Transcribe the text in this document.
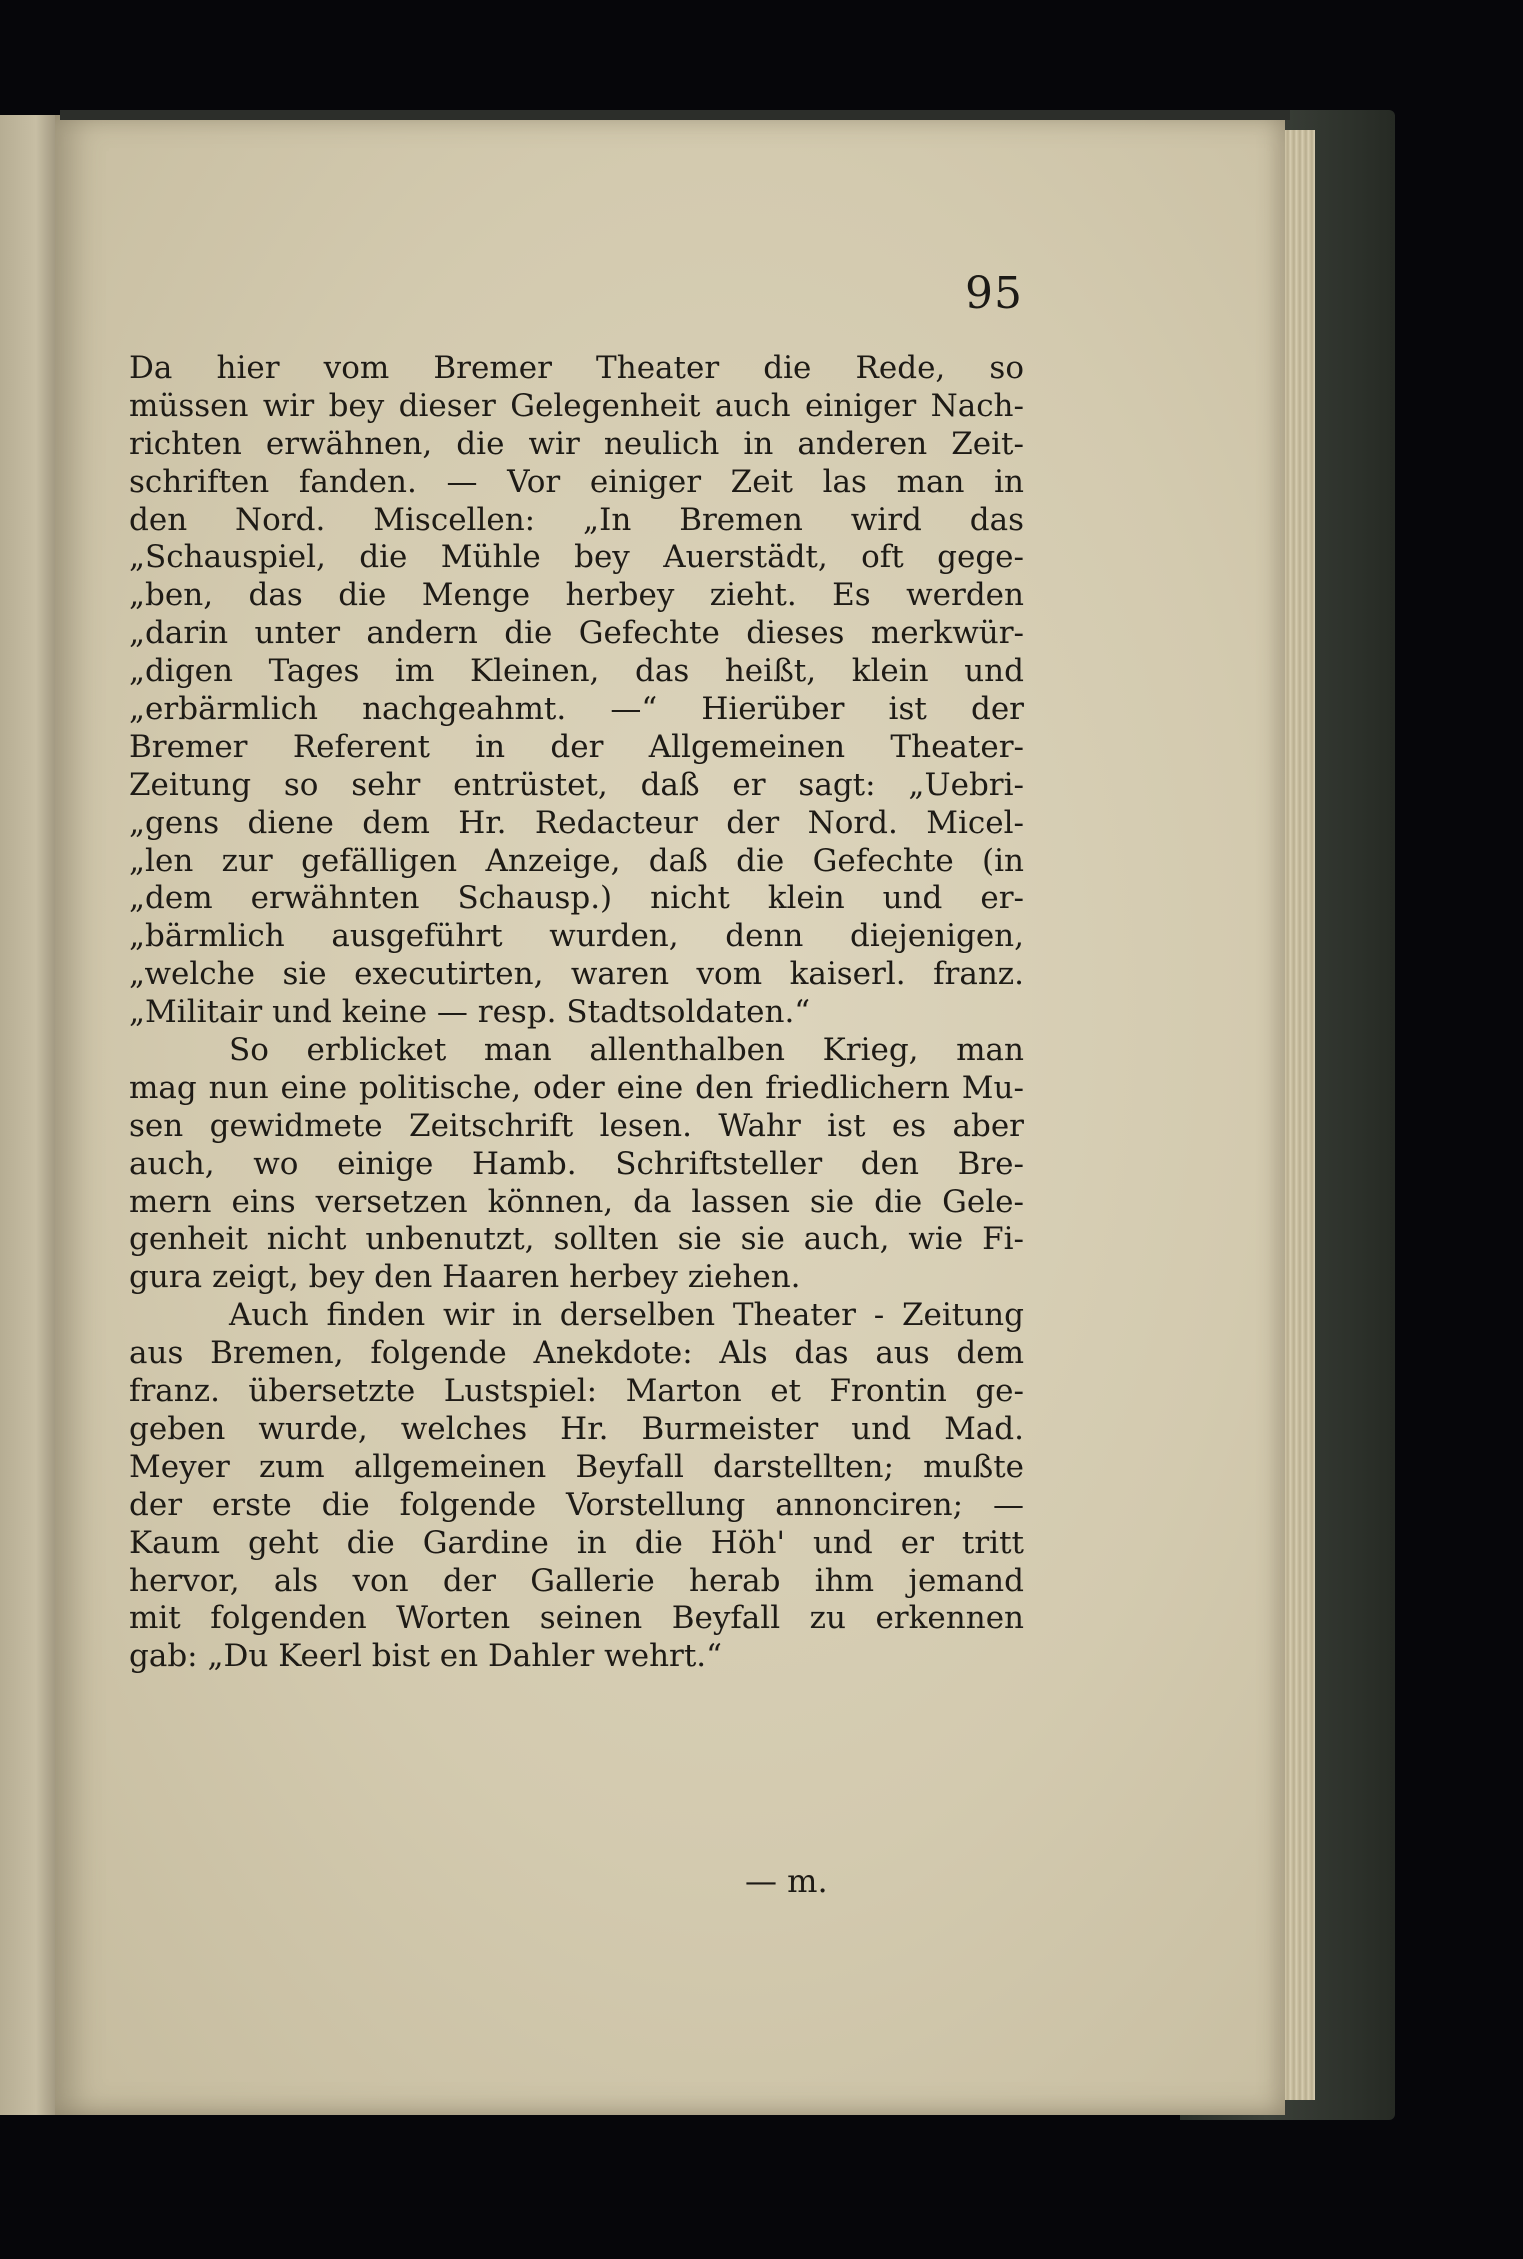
95
Da hier vom Bremer Theater die Rede, so
müssen wir bey dieser Gelegenheit auch einiger Nach-
richten erwähnen, die wir neulich in anderen Zeit-
schriften fanden. — Vor einiger Zeit las man in
den Nord. Miscellen: „In Bremen wird das
„Schauspiel, die Mühle bey Auerstädt, oft gege-
„ben, das die Menge herbey zieht. Es werden
„darin unter andern die Gefechte dieses merkwür-
„digen Tages im Kleinen, das heißt, klein und
„erbärmlich nachgeahmt. —“ Hierüber ist der
Bremer Referent in der Allgemeinen Theater-
Zeitung so sehr entrüstet, daß er sagt: „Uebri-
„gens diene dem Hr. Redacteur der Nord. Micel-
„len zur gefälligen Anzeige, daß die Gefechte (in
„dem erwähnten Schausp.) nicht klein und er-
„bärmlich ausgeführt wurden, denn diejenigen,
„welche sie executirten, waren vom kaiserl. franz.
„Militair und keine — resp. Stadtsoldaten.“
So erblicket man allenthalben Krieg, man
mag nun eine politische, oder eine den friedlichern Mu-
sen gewidmete Zeitschrift lesen. Wahr ist es aber
auch, wo einige Hamb. Schriftsteller den Bre-
mern eins versetzen können, da lassen sie die Gele-
genheit nicht unbenutzt, sollten sie sie auch, wie Fi-
gura zeigt, bey den Haaren herbey ziehen.
Auch finden wir in derselben Theater - Zeitung
aus Bremen, folgende Anekdote: Als das aus dem
franz. übersetzte Lustspiel: Marton et Frontin ge-
geben wurde, welches Hr. Burmeister und Mad.
Meyer zum allgemeinen Beyfall darstellten; mußte
der erste die folgende Vorstellung annonciren; —
Kaum geht die Gardine in die Höh' und er tritt
hervor, als von der Gallerie herab ihm jemand
mit folgenden Worten seinen Beyfall zu erkennen
gab: „Du Keerl bist en Dahler wehrt.“
— m.
